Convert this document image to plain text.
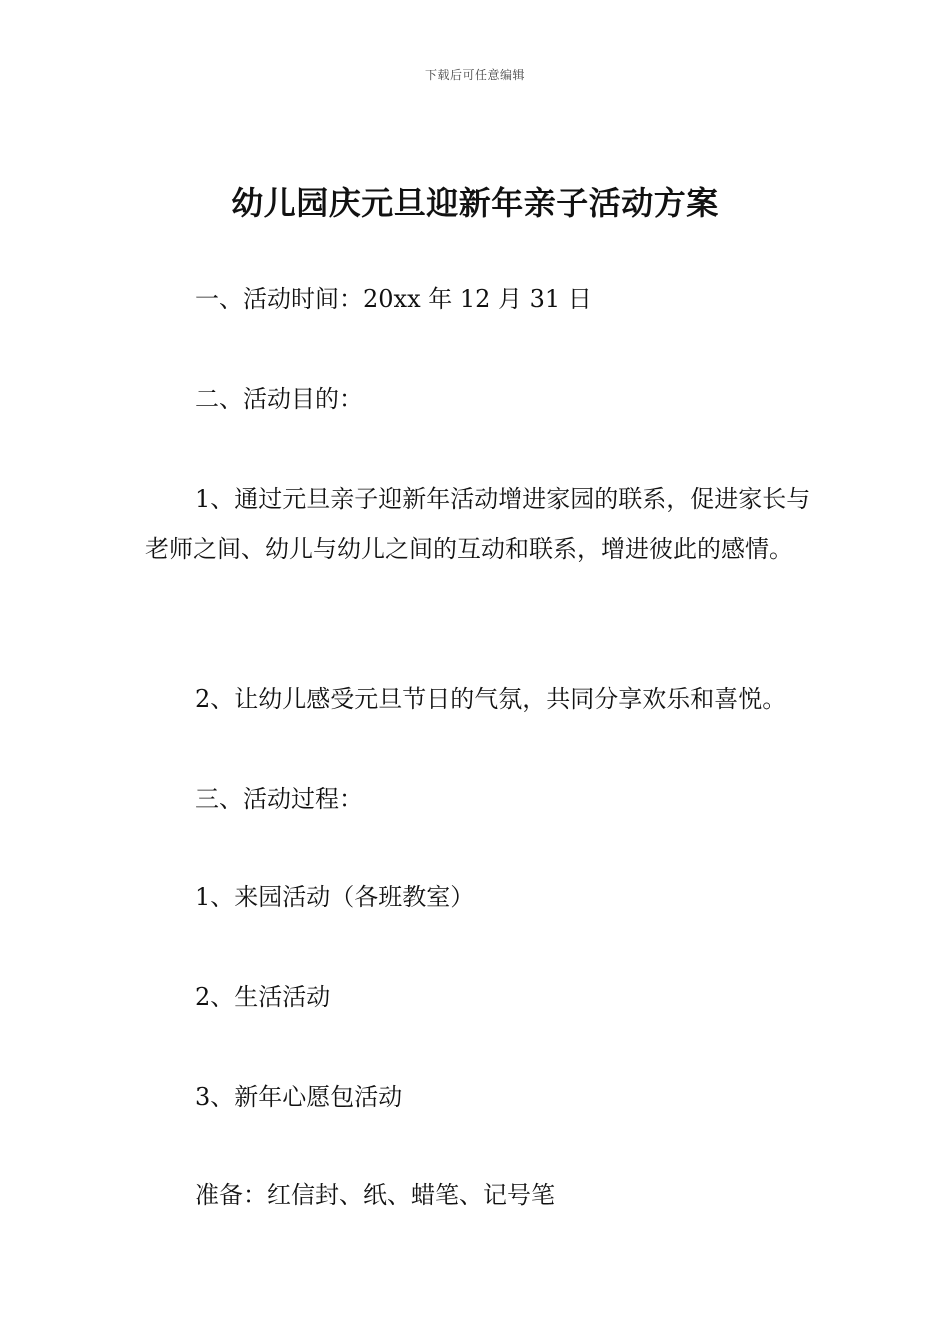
下载后可任意编辑
幼儿园庆元旦迎新年亲子活动方案

一、活动时间：20xx 年 12 月 31 日

二、活动目的：

1、通过元旦亲子迎新年活动增进家园的联系，促进家长与老师之间、幼儿与幼儿之间的互动和联系，增进彼此的感情。

2、让幼儿感受元旦节日的气氛，共同分享欢乐和喜悦。

三、活动过程：

1、来园活动（各班教室）

2、生活活动

3、新年心愿包活动

准备：红信封、纸、蜡笔、记号笔
